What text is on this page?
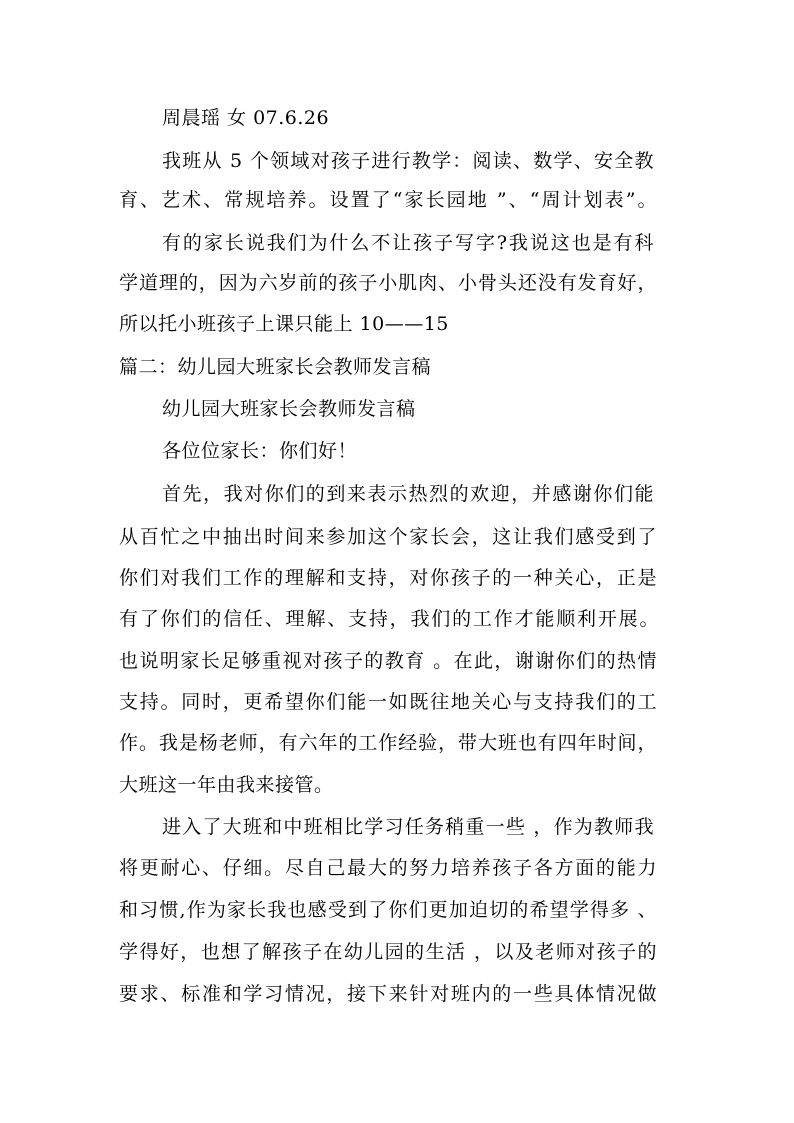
周晨瑶 女 07.6.26
我班从 5 个领域对孩子进行教学：阅读、数学、安全教
育、艺术、常规培养。设置了“家长园地 ”、“周计划表”。
有的家长说我们为什么不让孩子写字?我说这也是有科
学道理的，因为六岁前的孩子小肌肉、小骨头还没有发育好，
所以托小班孩子上课只能上 10——15
篇二：幼儿园大班家长会教师发言稿
幼儿园大班家长会教师发言稿
各位位家长：你们好！
首先，我对你们的到来表示热烈的欢迎，并感谢你们能
从百忙之中抽出时间来参加这个家长会，这让我们感受到了
你们对我们工作的理解和支持，对你孩子的一种关心，正是
有了你们的信任、理解、支持，我们的工作才能顺利开展。
也说明家长足够重视对孩子的教育 。在此，谢谢你们的热情
支持。同时，更希望你们能一如既往地关心与支持我们的工
作。我是杨老师，有六年的工作经验，带大班也有四年时间，
大班这一年由我来接管。
进入了大班和中班相比学习任务稍重一些 ，作为教师我
将更耐心、仔细。尽自己最大的努力培养孩子各方面的能力
和习惯,作为家长我也感受到了你们更加迫切的希望学得多 、
学得好，也想了解孩子在幼儿园的生活 ，以及老师对孩子的
要求、标准和学习情况，接下来针对班内的一些具体情况做
